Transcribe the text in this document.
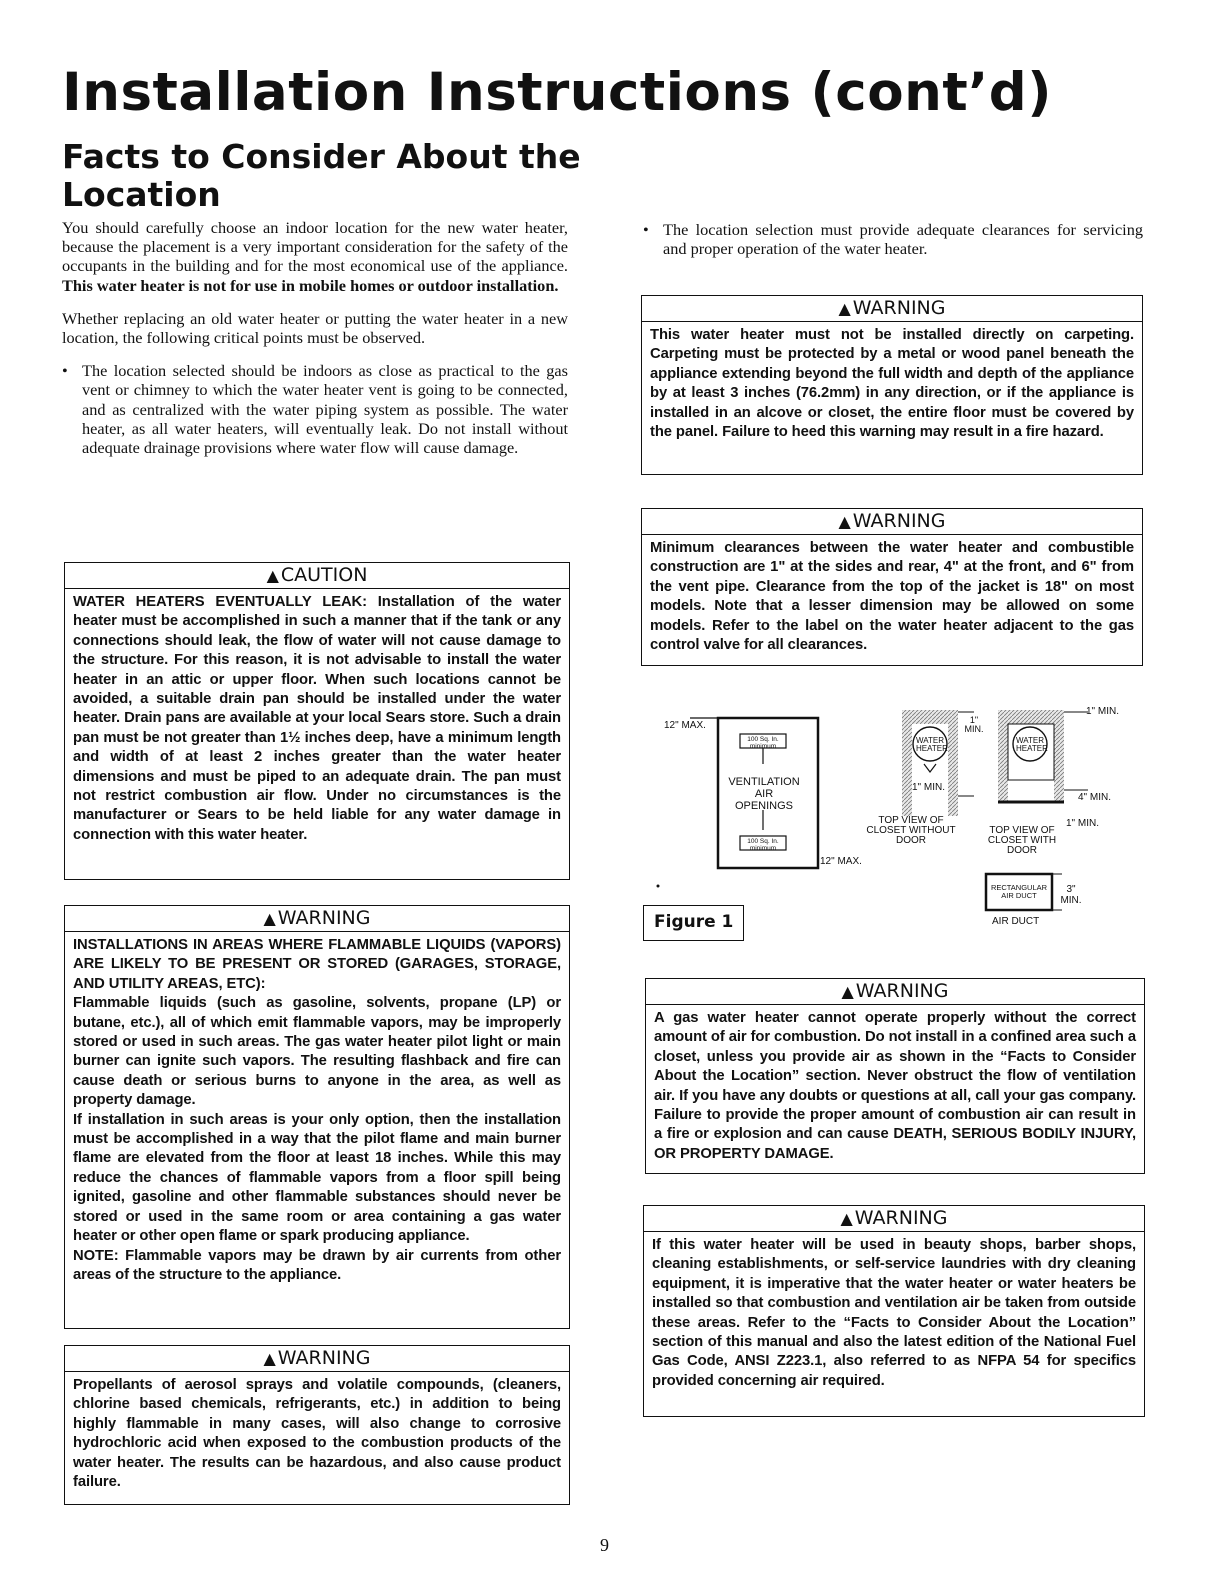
Installation Instructions (cont’d)
Facts to Consider About the Location

You should carefully choose an indoor location for the new water heater, because the placement is a very important consideration for the safety of the occupants in the building and for the most economical use of the appliance. This water heater is not for use in mobile homes or outdoor installation.

Whether replacing an old water heater or putting the water heater in a new location, the following critical points must be observed.

• The location selected should be indoors as close as practical to the gas vent or chimney to which the water heater vent is going to be connected, and as centralized with the water piping system as possible. The water heater, as all water heaters, will eventually leak. Do not install without adequate drainage provisions where water flow will cause damage.
▲ CAUTION
WATER HEATERS EVENTUALLY LEAK: Installation of the water heater must be accomplished in such a manner that if the tank or any connections should leak, the flow of water will not cause damage to the structure. For this reason, it is not advisable to install the water heater in an attic or upper floor. When such locations cannot be avoided, a suitable drain pan should be installed under the water heater. Drain pans are available at your local Sears store. Such a drain pan must be not greater than 1½ inches deep, have a minimum length and width of at least 2 inches greater than the water heater dimensions and must be piped to an adequate drain. The pan must not restrict combustion air flow. Under no circumstances is the manufacturer or Sears to be held liable for any water damage in connection with this water heater.
▲ WARNING

INSTALLATIONS IN AREAS WHERE FLAMMABLE LIQUIDS (VAPORS) ARE LIKELY TO BE PRESENT OR STORED (GARAGES, STORAGE, AND UTILITY AREAS, ETC):

Flammable liquids (such as gasoline, solvents, propane (LP) or butane, etc.), all of which emit flammable vapors, may be improperly stored or used in such areas. The gas water heater pilot light or main burner can ignite such vapors. The resulting flashback and fire can cause death or serious burns to anyone in the area, as well as property damage.

If installation in such areas is your only option, then the installation must be accomplished in a way that the pilot flame and main burner flame are elevated from the floor at least 18 inches. While this may reduce the chances of flammable vapors from a floor spill being ignited, gasoline and other flammable substances should never be stored or used in the same room or area containing a gas water heater or other open flame or spark producing appliance.

NOTE: Flammable vapors may be drawn by air currents from other areas of the structure to the appliance.

▲ WARNING
Propellants of aerosol sprays and volatile compounds, (cleaners, chlorine based chemicals, refrigerants, etc.) in addition to being highly flammable in many cases, will also change to corrosive hydrochloric acid when exposed to the combustion products of the water heater. The results can be hazardous, and also cause product failure.
• The location selection must provide adequate clearances for servicing and proper operation of the water heater.
▲ WARNING
This water heater must not be installed directly on carpeting. Carpeting must be protected by a metal or wood panel beneath the appliance extending beyond the full width and depth of the appliance by at least 3 inches (76.2mm) in any direction, or if the appliance is installed in an alcove or closet, the entire floor must be covered by the panel. Failure to heed this warning may result in a fire hazard.
▲ WARNING
Minimum clearances between the water heater and combustible construction are 1" at the sides and rear, 4" at the front, and 6" from the vent pipe. Clearance from the top of the jacket is 18" on most models. Note that a lesser dimension may be allowed on some models. Refer to the label on the water heater adjacent to the gas control valve for all clearances.
12" MAX.
100 Sq. In. minimum
VENTILATION AIR OPENINGS
100 Sq. In. minimum
12" MAX.
WATER HEATER
1" MIN.
1" MIN.
TOP VIEW OF CLOSET WITHOUT DOOR
WATER HEATER
1" MIN.
4" MIN.
1" MIN.
TOP VIEW OF CLOSET WITH DOOR
RECTANGULAR AIR DUCT
3" MIN.
AIR DUCT
Figure 1
▲ WARNING
A gas water heater cannot operate properly without the correct amount of air for combustion. Do not install in a confined area such a closet, unless you provide air as shown in the “Facts to Consider About the Location” section. Never obstruct the flow of ventilation air. If you have any doubts or questions at all, call your gas company. Failure to provide the proper amount of combustion air can result in a fire or explosion and can cause DEATH, SERIOUS BODILY INJURY, OR PROPERTY DAMAGE.
▲ WARNING
If this water heater will be used in beauty shops, barber shops, cleaning establishments, or self-service laundries with dry cleaning equipment, it is imperative that the water heater or water heaters be installed so that combustion and ventilation air be taken from outside these areas. Refer to the “Facts to Consider About the Location” section of this manual and also the latest edition of the National Fuel Gas Code, ANSI Z223.1, also referred to as NFPA 54 for specifics provided concerning air required.
9
